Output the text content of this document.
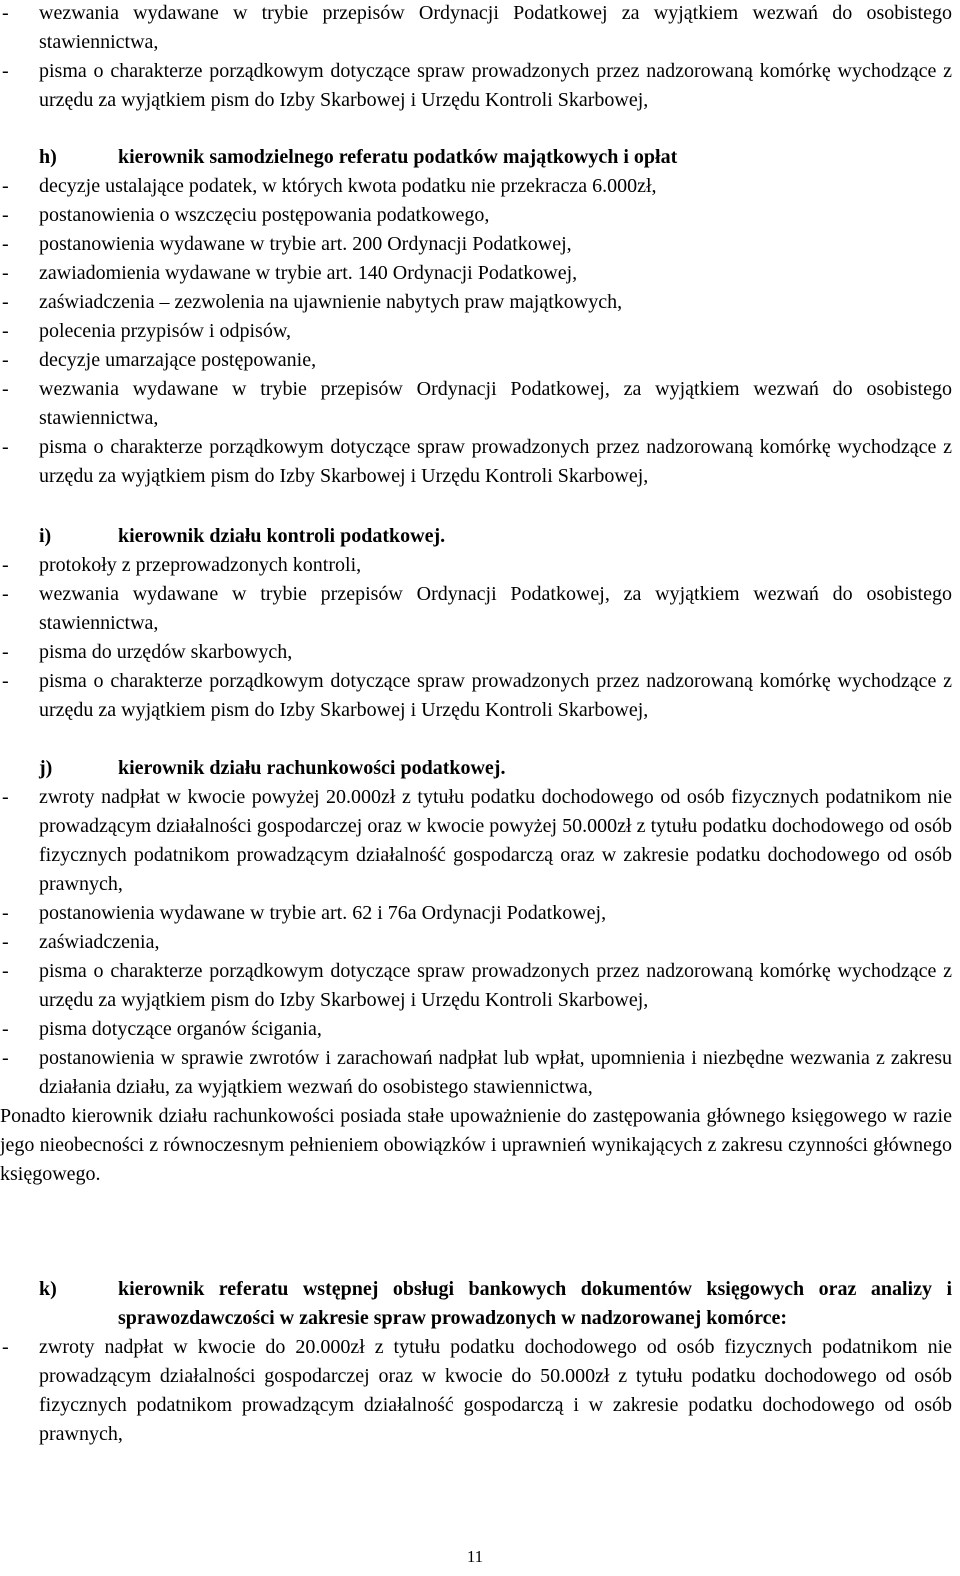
- wezwania wydawane w trybie przepisów Ordynacji Podatkowej za wyjątkiem wezwań do osobistego stawiennictwa,
- pisma o charakterze porządkowym dotyczące spraw prowadzonych przez nadzorowaną komórkę wychodzące z urzędu za wyjątkiem pism do Izby Skarbowej i Urzędu Kontroli Skarbowej,
h)	kierownik samodzielnego referatu podatków majątkowych i opłat
- decyzje ustalające podatek, w których kwota podatku nie przekracza 6.000zł,
- postanowienia o wszczęciu postępowania podatkowego,
- postanowienia wydawane w trybie art. 200 Ordynacji Podatkowej,
- zawiadomienia wydawane w trybie art. 140 Ordynacji Podatkowej,
- zaświadczenia – zezwolenia na ujawnienie nabytych praw majątkowych,
- polecenia przypisów i odpisów,
- decyzje umarzające postępowanie,
- wezwania wydawane w trybie przepisów Ordynacji Podatkowej, za wyjątkiem wezwań do osobistego stawiennictwa,
- pisma o charakterze porządkowym dotyczące spraw prowadzonych przez nadzorowaną komórkę wychodzące z urzędu za wyjątkiem pism do Izby Skarbowej i Urzędu Kontroli Skarbowej,
i)	kierownik działu kontroli podatkowej.
- protokoły z przeprowadzonych kontroli,
- wezwania wydawane w trybie przepisów Ordynacji Podatkowej, za wyjątkiem wezwań do osobistego stawiennictwa,
- pisma do urzędów skarbowych,
- pisma o charakterze porządkowym dotyczące spraw prowadzonych przez nadzorowaną komórkę wychodzące z urzędu za wyjątkiem pism do Izby Skarbowej i Urzędu Kontroli Skarbowej,
j)	kierownik działu rachunkowości podatkowej.
- zwroty nadpłat w kwocie powyżej 20.000zł z tytułu podatku dochodowego od osób fizycznych podatnikom nie prowadzącym działalności gospodarczej oraz w kwocie powyżej 50.000zł z tytułu podatku dochodowego od osób fizycznych podatnikom prowadzącym działalność gospodarczą oraz w zakresie podatku dochodowego od osób prawnych,
- postanowienia wydawane w trybie art. 62 i 76a Ordynacji Podatkowej,
- zaświadczenia,
- pisma o charakterze porządkowym dotyczące spraw prowadzonych przez nadzorowaną komórkę wychodzące z urzędu za wyjątkiem pism do Izby Skarbowej i Urzędu Kontroli Skarbowej,
- pisma dotyczące organów ścigania,
- postanowienia w sprawie zwrotów i zarachowań nadpłat lub wpłat, upomnienia i niezbędne wezwania z zakresu działania działu, za wyjątkiem wezwań do osobistego stawiennictwa,
Ponadto kierownik działu rachunkowości posiada stałe upoważnienie do zastępowania głównego księgowego w razie jego nieobecności z równoczesnym pełnieniem obowiązków i uprawnień wynikających z zakresu czynności głównego księgowego.
k)	kierownik referatu wstępnej obsługi bankowych dokumentów księgowych oraz analizy i sprawozdawczości w zakresie spraw prowadzonych w nadzorowanej komórce:
- zwroty nadpłat w kwocie do 20.000zł z tytułu podatku dochodowego od osób fizycznych podatnikom nie prowadzącym działalności gospodarczej oraz w kwocie do 50.000zł z tytułu podatku dochodowego od osób fizycznych podatnikom prowadzącym działalność gospodarczą i w zakresie podatku dochodowego od osób prawnych,
11
